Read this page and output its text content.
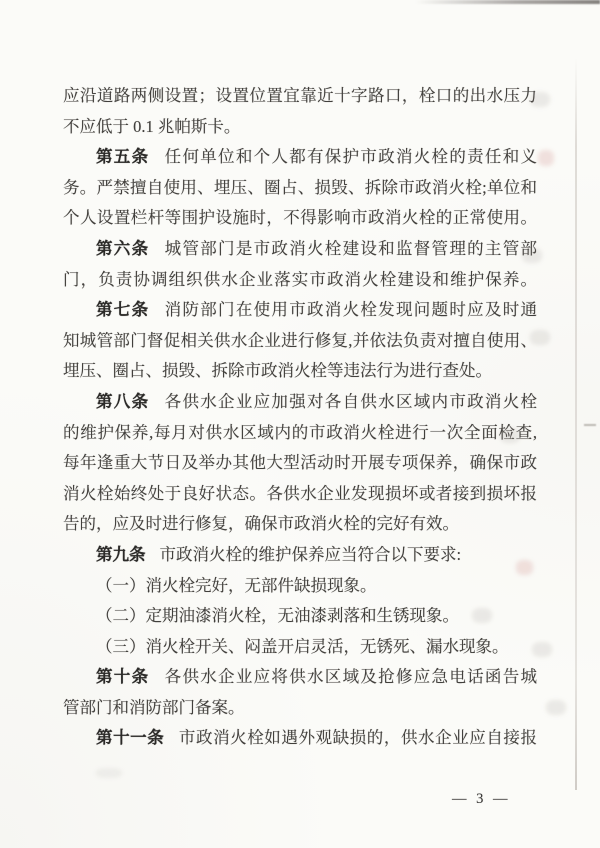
应沿道路两侧设置；设置位置宜靠近十字路口，栓口的出水压力
不应低于 0.1 兆帕斯卡。
第五条 任何单位和个人都有保护市政消火栓的责任和义
务。严禁擅自使用、埋压、圈占、损毁、拆除市政消火栓;单位和
个人设置栏杆等围护设施时，不得影响市政消火栓的正常使用。
第六条 城管部门是市政消火栓建设和监督管理的主管部
门，负责协调组织供水企业落实市政消火栓建设和维护保养。
第七条 消防部门在使用市政消火栓发现问题时应及时通
知城管部门督促相关供水企业进行修复,并依法负责对擅自使用、
埋压、圈占、损毁、拆除市政消火栓等违法行为进行查处。
第八条 各供水企业应加强对各自供水区域内市政消火栓
的维护保养,每月对供水区域内的市政消火栓进行一次全面检查,
每年逢重大节日及举办其他大型活动时开展专项保养，确保市政
消火栓始终处于良好状态。各供水企业发现损坏或者接到损坏报
告的，应及时进行修复，确保市政消火栓的完好有效。
第九条 市政消火栓的维护保养应当符合以下要求:
（一）消火栓完好，无部件缺损现象。
（二）定期油漆消火栓，无油漆剥落和生锈现象。
（三）消火栓开关、闷盖开启灵活，无锈死、漏水现象。
第十条 各供水企业应将供水区域及抢修应急电话函告城
管部门和消防部门备案。
第十一条 市政消火栓如遇外观缺损的，供水企业应自接报
— 3 —
